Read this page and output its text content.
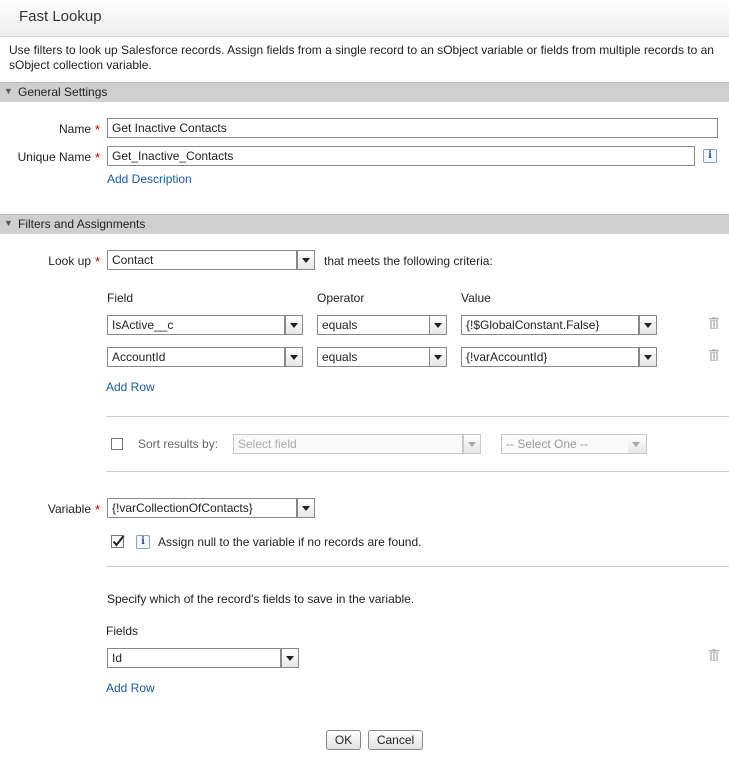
Fast Lookup
Use filters to look up Salesforce records. Assign fields from a single record to an sObject variable or fields from multiple records to an sObject collection variable.
▼ General Settings
Name * Get Inactive Contacts
Unique Name * Get_Inactive_Contacts	i
Add Description
▼ Filters and Assignments
Look up * Contact	that meets the following criteria:
Field	Operator	Value
IsActive__c	equals	{!$GlobalConstant.False}
AccountId	equals	{!varAccountId}
Add Row
Sort results by:	Select field	-- Select One --
Variable * {!varCollectionOfContacts}
i	Assign null to the variable if no records are found.
Specify which of the record's fields to save in the variable.
Fields
Id
Add Row
OK	Cancel
